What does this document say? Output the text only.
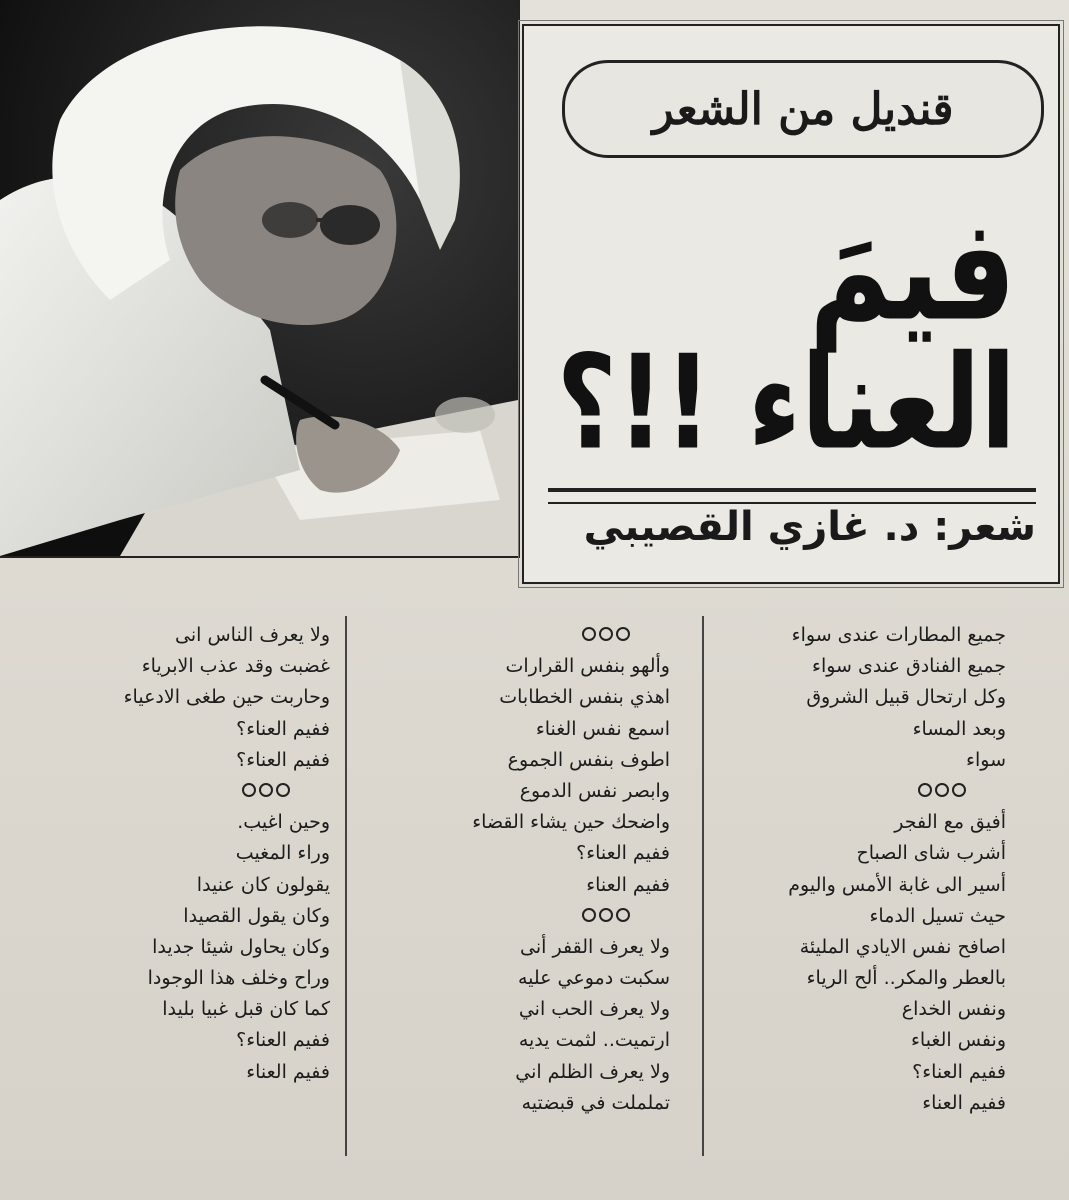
قنديل من الشعر
فيمَ
العناء !!؟
شعر: د. غازي القصيبي
جميع المطارات عندى سواء
جميع الفنادق عندى سواء
وكل ارتحال قبيل الشروق
وبعد المساء
سواء
أفيق مع الفجر
أشرب شاى الصباح
أسير الى غابة الأمس واليوم
حيث تسيل الدماء
اصافح نفس الايادي المليئة
بالعطر والمكر.. ألح الرياء
ونفس الخداع
ونفس الغباء
ففيم العناء؟
ففيم العناء
وألهو بنفس القرارات
اهذي بنفس الخطابات
اسمع نفس الغناء
اطوف بنفس الجموع
وابصر نفس الدموع
واضحك حين يشاء القضاء
ففيم العناء؟
ففيم العناء
ولا يعرف القفر أنى
سكبت دموعي عليه
ولا يعرف الحب اني
ارتميت.. لثمت يديه
ولا يعرف الظلم اني
تململت في قبضتيه
ولا يعرف الناس انى
غضبت وقد عذب الابرياء
وحاربت حين طغى الادعياء
ففيم العناء؟
ففيم العناء؟
وحين اغيب.
وراء المغيب
يقولون كان عنيدا
وكان يقول القصيدا
وكان يحاول شيئا جديدا
وراح وخلف هذا الوجودا
كما كان قبل غبيا بليدا
ففيم العناء؟
ففيم العناء
